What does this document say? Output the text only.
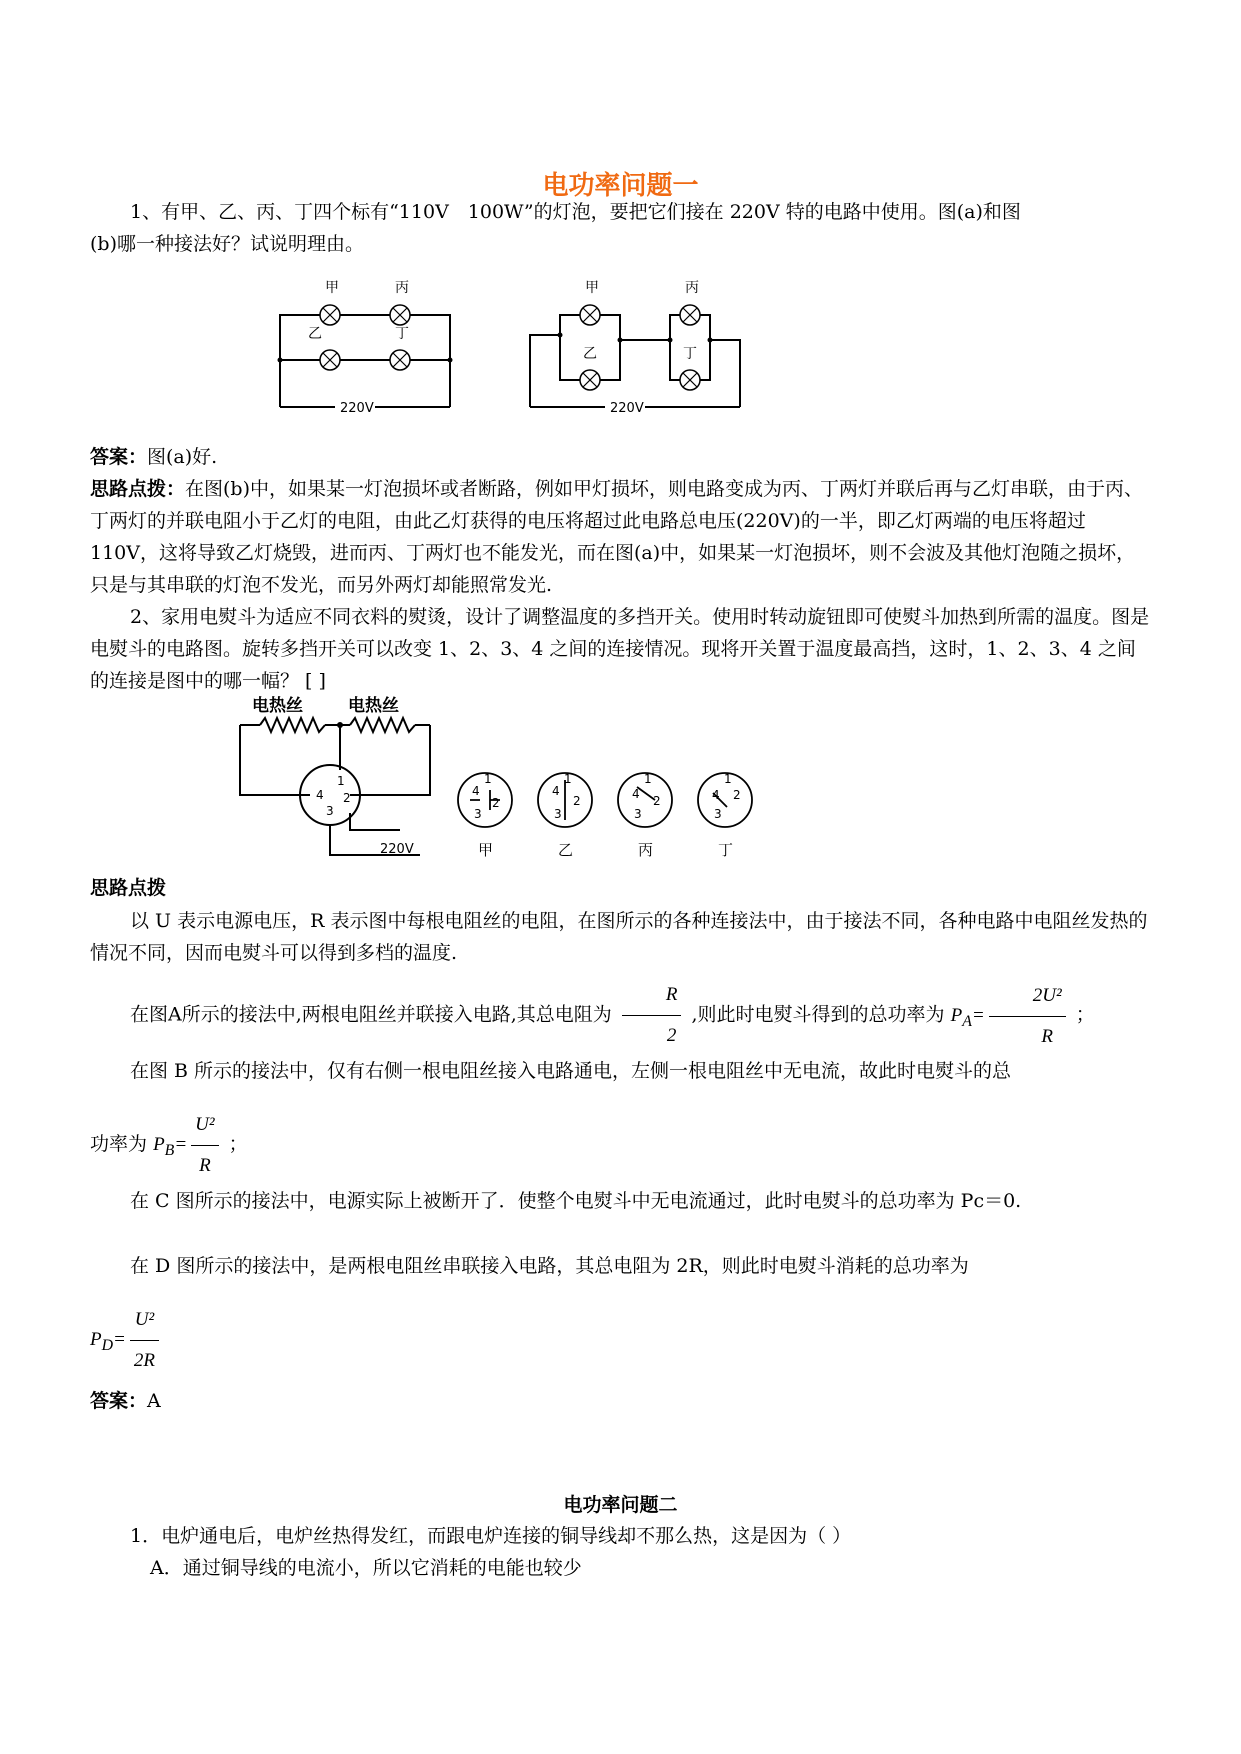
电功率问题一
1、有甲、乙、丙、丁四个标有“110V　100W”的灯泡，要把它们接在 220V 特的电路中使用。图(a)和图
(b)哪一种接法好？试说明理由。
甲	丙
乙	丁
220V
甲	丙
乙	丁
220V
答案：图(a)好.
思路点拨：在图(b)中，如果某一灯泡损坏或者断路，例如甲灯损坏，则电路变成为丙、丁两灯并联后再与乙灯串联，由于丙、丁两灯的并联电阻小于乙灯的电阻，由此乙灯获得的电压将超过此电路总电压(220V)的一半，即乙灯两端的电压将超过 110V，这将导致乙灯烧毁，进而丙、丁两灯也不能发光，而在图(a)中，如果某一灯泡损坏，则不会波及其他灯泡随之损坏，只是与其串联的灯泡不发光，而另外两灯却能照常发光.
2、家用电熨斗为适应不同衣料的熨烫，设计了调整温度的多挡开关。使用时转动旋钮即可使熨斗加热到所需的温度。图是电熨斗的电路图。旋转多挡开关可以改变 1、2、3、4 之间的连接情况。现将开关置于温度最高挡，这时，1、2、3、4 之间的连接是图中的哪一幅？ [ ]
电热丝	电热丝
1
2
3
4
220V
4
1
2
3
4
1
2
3
4
1
2
3
4
1
2
3
甲	乙	丙	丁
思路点拨
以 U 表示电源电压，R 表示图中每根电阻丝的电阻，在图所示的各种连接法中，由于接法不同，各种电路中电阻丝发热的情况不同，因而电熨斗可以得到多档的温度.
在图A所示的接法中,两根电阻丝并联接入电路,其总电阻为 $\frac{R}{2}$ ,则此时电熨斗得到的总功率为 $P_A= \frac{\text{2U²}}{R}$ ；
在图 B 所示的接法中，仅有右侧一根电阻丝接入电路通电，左侧一根电阻丝中无电流，故此时电熨斗的总
功率为 $P_B= \frac{\text{U²}}{R}$ ；
在 C 图所示的接法中，电源实际上被断开了．使整个电熨斗中无电流通过，此时电熨斗的总功率为 Pc＝0.
在 D 图所示的接法中，是两根电阻丝串联接入电路，其总电阻为 2R，则此时电熨斗消耗的总功率为
$P_D= \frac{\text{U²}}{2R}$
答案：A
电功率问题二
1．电炉通电后，电炉丝热得发红，而跟电炉连接的铜导线却不那么热，这是因为（ ）
A．通过铜导线的电流小，所以它消耗的电能也较少
